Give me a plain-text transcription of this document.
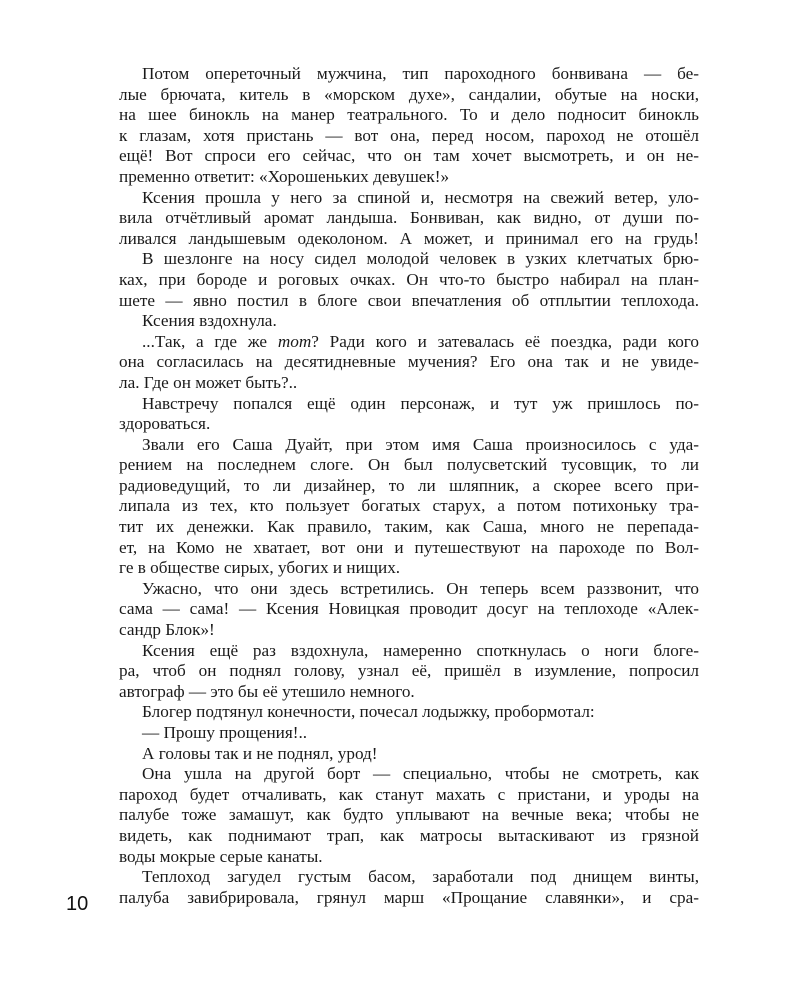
Потом опереточный мужчина, тип пароходного бонвивана — бе-
лые брючата, китель в «морском духе», сандалии, обутые на носки,
на шее бинокль на манер театрального. То и дело подносит бинокль
к глазам, хотя пристань — вот она, перед носом, пароход не отошёл
ещё! Вот спроси его сейчас, что он там хочет высмотреть, и он не-
пременно ответит: «Хорошеньких девушек!»
Ксения прошла у него за спиной и, несмотря на свежий ветер, уло-
вила отчётливый аромат ландыша. Бонвиван, как видно, от души по-
ливался ландышевым одеколоном. А может, и принимал его на грудь!
В шезлонге на носу сидел молодой человек в узких клетчатых брю-
ках, при бороде и роговых очках. Он что-то быстро набирал на план-
шете — явно постил в блоге свои впечатления об отплытии теплохода.
Ксения вздохнула.
...Так, а где же тот? Ради кого и затевалась её поездка, ради кого
она согласилась на десятидневные мучения? Его она так и не увиде-
ла. Где он может быть?..
Навстречу попался ещё один персонаж, и тут уж пришлось по-
здороваться.
Звали его Саша Дуайт, при этом имя Саша произносилось с уда-
рением на последнем слоге. Он был полусветский тусовщик, то ли
радиоведущий, то ли дизайнер, то ли шляпник, а скорее всего при-
липала из тех, кто пользует богатых старух, а потом потихоньку тра-
тит их денежки. Как правило, таким, как Саша, много не перепада-
ет, на Комо не хватает, вот они и путешествуют на пароходе по Вол-
ге в обществе сирых, убогих и нищих.
Ужасно, что они здесь встретились. Он теперь всем раззвонит, что
сама — сама! — Ксения Новицкая проводит досуг на теплоходе «Алек-
сандр Блок»!
Ксения ещё раз вздохнула, намеренно споткнулась о ноги блоге-
ра, чтоб он поднял голову, узнал её, пришёл в изумление, попросил
автограф — это бы её утешило немного.
Блогер подтянул конечности, почесал лодыжку, пробормотал:
— Прошу прощения!..
А головы так и не поднял, урод!
Она ушла на другой борт — специально, чтобы не смотреть, как
пароход будет отчаливать, как станут махать с пристани, и уроды на
палубе тоже замашут, как будто уплывают на вечные века; чтобы не
видеть, как поднимают трап, как матросы вытаскивают из грязной
воды мокрые серые канаты.
Теплоход загудел густым басом, заработали под днищем винты,
палуба завибрировала, грянул марш «Прощание славянки», и сра-
10
